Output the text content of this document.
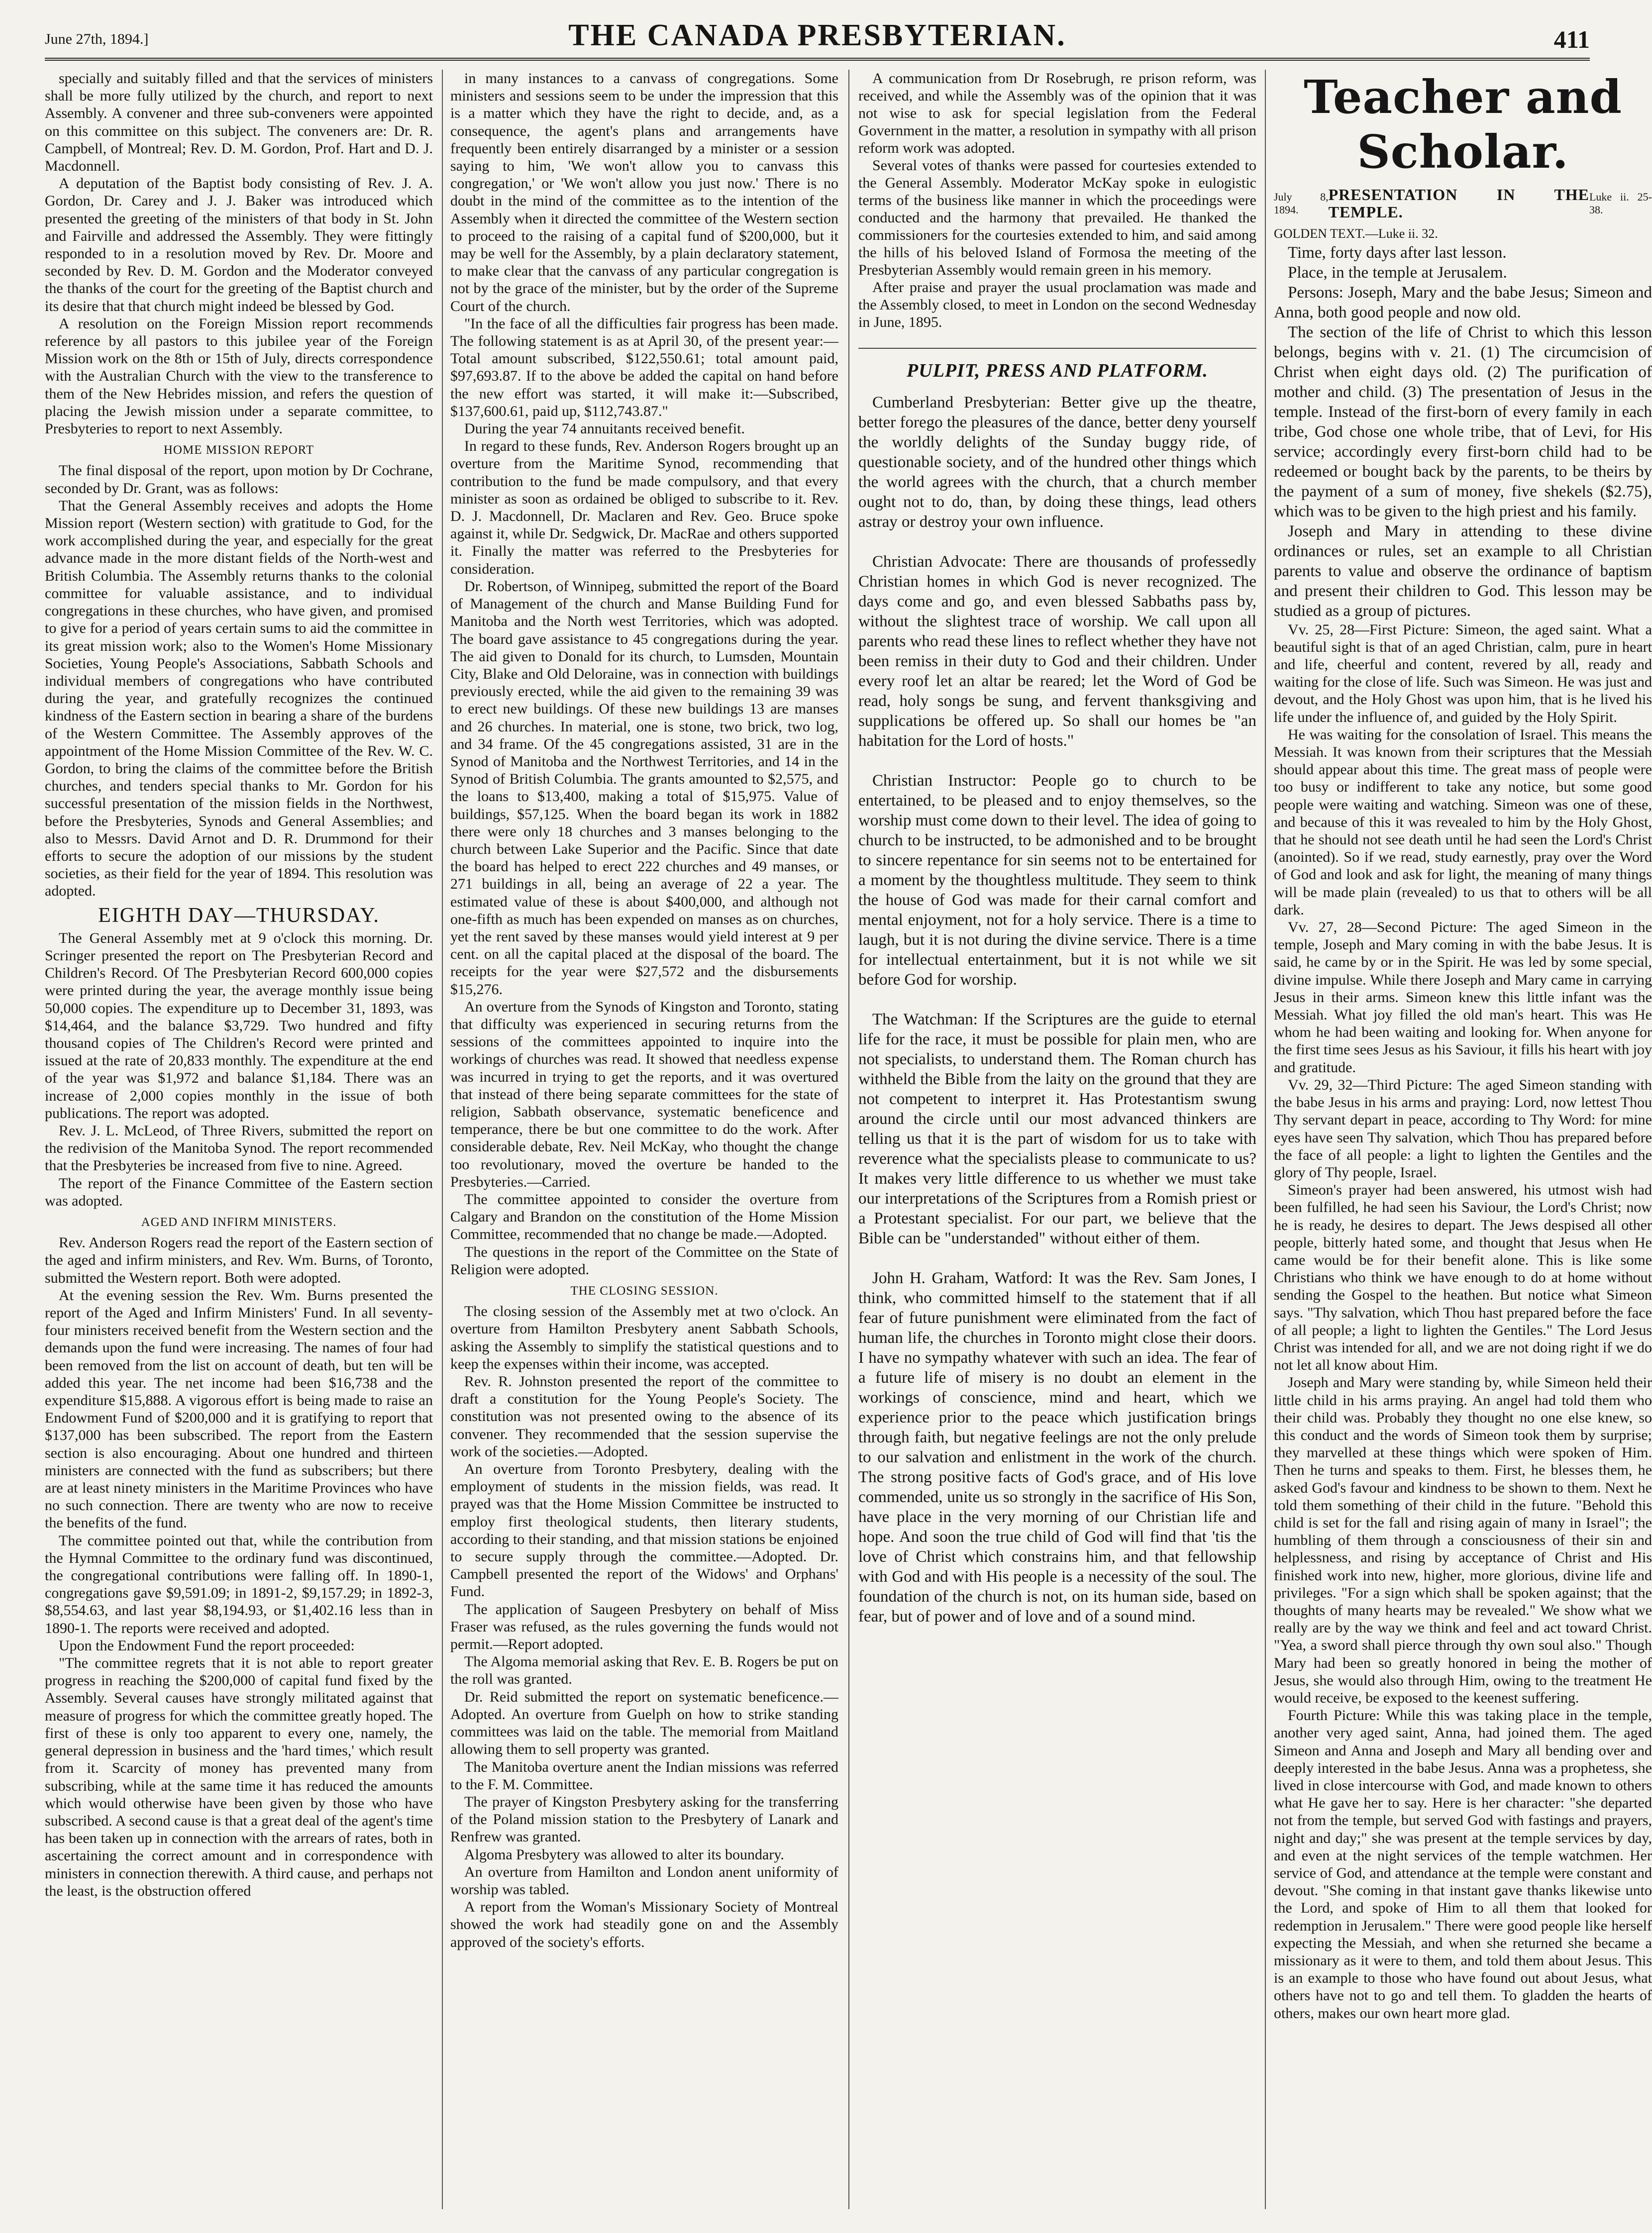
June 27th, 1894.]	THE CANADA PRESBYTERIAN.	411

specially and suitably filled and that the services of ministers shall be more fully utilized by the church, and report to next Assembly. A convener and three sub-conveners were appointed on this committee on this subject. The conveners are: Dr. R. Campbell, of Montreal; Rev. D. M. Gordon, Prof. Hart and D. J. Macdonnell.

A deputation of the Baptist body consisting of Rev. J. A. Gordon, Dr. Carey and J. J. Baker was introduced which presented the greeting of the ministers of that body in St. John and Fairville and addressed the Assembly. They were fittingly responded to in a resolution moved by Rev. Dr. Moore and seconded by Rev. D. M. Gordon and the Moderator conveyed the thanks of the court for the greeting of the Baptist church and its desire that that church might indeed be blessed by God.

A resolution on the Foreign Mission report recommends reference by all pastors to this jubilee year of the Foreign Mission work on the 8th or 15th of July, directs correspondence with the Australian Church with the view to the transference to them of the New Hebrides mission, and refers the question of placing the Jewish mission under a separate committee, to Presbyteries to report to next Assembly.

HOME MISSION REPORT

The final disposal of the report, upon motion by Dr Cochrane, seconded by Dr. Grant, was as follows:

That the General Assembly receives and adopts the Home Mission report (Western section) with gratitude to God, for the work accomplished during the year, and especially for the great advance made in the more distant fields of the North-west and British Columbia. The Assembly returns thanks to the colonial committee for valuable assistance, and to individual congregations in these churches, who have given, and promised to give for a period of years certain sums to aid the committee in its great mission work; also to the Women's Home Missionary Societies, Young People's Associations, Sabbath Schools and individual members of congregations who have contributed during the year, and gratefully recognizes the continued kindness of the Eastern section in bearing a share of the burdens of the Western Committee. The Assembly approves of the appointment of the Home Mission Committee of the Rev. W. C. Gordon, to bring the claims of the committee before the British churches, and tenders special thanks to Mr. Gordon for his successful presentation of the mission fields in the Northwest, before the Presbyteries, Synods and General Assemblies; and also to Messrs. David Arnot and D. R. Drummond for their efforts to secure the adoption of our missions by the student societies, as their field for the year of 1894. This resolution was adopted.

EIGHTH DAY—THURSDAY.

The General Assembly met at 9 o'clock this morning. Dr. Scringer presented the report on The Presbyterian Record and Children's Record. Of The Presbyterian Record 600,000 copies were printed during the year, the average monthly issue being 50,000 copies. The expenditure up to December 31, 1893, was $14,464, and the balance $3,729. Two hundred and fifty thousand copies of The Children's Record were printed and issued at the rate of 20,833 monthly. The expenditure at the end of the year was $1,972 and balance $1,184. There was an increase of 2,000 copies monthly in the issue of both publications. The report was adopted.

Rev. J. L. McLeod, of Three Rivers, submitted the report on the redivision of the Manitoba Synod. The report recommended that the Presbyteries be increased from five to nine. Agreed.

The report of the Finance Committee of the Eastern section was adopted.

AGED AND INFIRM MINISTERS.

Rev. Anderson Rogers read the report of the Eastern section of the aged and infirm ministers, and Rev. Wm. Burns, of Toronto, submitted the Western report. Both were adopted.

At the evening session the Rev. Wm. Burns presented the report of the Aged and Infirm Ministers' Fund. In all seventy-four ministers received benefit from the Western section and the demands upon the fund were increasing. The names of four had been removed from the list on account of death, but ten will be added this year. The net income had been $16,738 and the expenditure $15,888. A vigorous effort is being made to raise an Endowment Fund of $200,000 and it is gratifying to report that $137,000 has been subscribed. The report from the Eastern section is also encouraging. About one hundred and thirteen ministers are connected with the fund as subscribers; but there are at least ninety ministers in the Maritime Provinces who have no such connection. There are twenty who are now to receive the benefits of the fund.

The committee pointed out that, while the contribution from the Hymnal Committee to the ordinary fund was discontinued, the congregational contributions were falling off. In 1890-1, congregations gave $9,591.09; in 1891-2, $9,157.29; in 1892-3, $8,554.63, and last year $8,194.93, or $1,402.16 less than in 1890-1. The reports were received and adopted.

Upon the Endowment Fund the report proceeded:

"The committee regrets that it is not able to report greater progress in reaching the $200,000 of capital fund fixed by the Assembly. Several causes have strongly militated against that measure of progress for which the committee greatly hoped. The first of these is only too apparent to every one, namely, the general depression in business and the 'hard times,' which result from it. Scarcity of money has prevented many from subscribing, while at the same time it has reduced the amounts which would otherwise have been given by those who have subscribed. A second cause is that a great deal of the agent's time has been taken up in connection with the arrears of rates, both in ascertaining the correct amount and in correspondence with ministers in connection therewith. A third cause, and perhaps not the least, is the obstruction offered

in many instances to a canvass of congregations. Some ministers and sessions seem to be under the impression that this is a matter which they have the right to decide, and, as a consequence, the agent's plans and arrangements have frequently been entirely disarranged by a minister or a session saying to him, 'We won't allow you to canvass this congregation,' or 'We won't allow you just now.' There is no doubt in the mind of the committee as to the intention of the Assembly when it directed the committee of the Western section to proceed to the raising of a capital fund of $200,000, but it may be well for the Assembly, by a plain declaratory statement, to make clear that the canvass of any particular congregation is not by the grace of the minister, but by the order of the Supreme Court of the church.

"In the face of all the difficulties fair progress has been made. The following statement is as at April 30, of the present year:—Total amount subscribed, $122,550.61; total amount paid, $97,693.87. If to the above be added the capital on hand before the new effort was started, it will make it:—Subscribed, $137,600.61, paid up, $112,743.87."

During the year 74 annuitants received benefit.

In regard to these funds, Rev. Anderson Rogers brought up an overture from the Maritime Synod, recommending that contribution to the fund be made compulsory, and that every minister as soon as ordained be obliged to subscribe to it. Rev. D. J. Macdonnell, Dr. Maclaren and Rev. Geo. Bruce spoke against it, while Dr. Sedgwick, Dr. MacRae and others supported it. Finally the matter was referred to the Presbyteries for consideration.

Dr. Robertson, of Winnipeg, submitted the report of the Board of Management of the church and Manse Building Fund for Manitoba and the North west Territories, which was adopted. The board gave assistance to 45 congregations during the year. The aid given to Donald for its church, to Lumsden, Mountain City, Blake and Old Deloraine, was in connection with buildings previously erected, while the aid given to the remaining 39 was to erect new buildings. Of these new buildings 13 are manses and 26 churches. In material, one is stone, two brick, two log, and 34 frame. Of the 45 congregations assisted, 31 are in the Synod of Manitoba and the Northwest Territories, and 14 in the Synod of British Columbia. The grants amounted to $2,575, and the loans to $13,400, making a total of $15,975. Value of buildings, $57,125. When the board began its work in 1882 there were only 18 churches and 3 manses belonging to the church between Lake Superior and the Pacific. Since that date the board has helped to erect 222 churches and 49 manses, or 271 buildings in all, being an average of 22 a year. The estimated value of these is about $400,000, and although not one-fifth as much has been expended on manses as on churches, yet the rent saved by these manses would yield interest at 9 per cent. on all the capital placed at the disposal of the board. The receipts for the year were $27,572 and the disbursements $15,276.

An overture from the Synods of Kingston and Toronto, stating that difficulty was experienced in securing returns from the sessions of the committees appointed to inquire into the workings of churches was read. It showed that needless expense was incurred in trying to get the reports, and it was overtured that instead of there being separate committees for the state of religion, Sabbath observance, systematic beneficence and temperance, there be but one committee to do the work. After considerable debate, Rev. Neil McKay, who thought the change too revolutionary, moved the overture be handed to the Presbyteries.—Carried.

The committee appointed to consider the overture from Calgary and Brandon on the constitution of the Home Mission Committee, recommended that no change be made.—Adopted.

The questions in the report of the Committee on the State of Religion were adopted.

THE CLOSING SESSION.

The closing session of the Assembly met at two o'clock. An overture from Hamilton Presbytery anent Sabbath Schools, asking the Assembly to simplify the statistical questions and to keep the expenses within their income, was accepted.

Rev. R. Johnston presented the report of the committee to draft a constitution for the Young People's Society. The constitution was not presented owing to the absence of its convener. They recommended that the session supervise the work of the societies.—Adopted.

An overture from Toronto Presbytery, dealing with the employment of students in the mission fields, was read. It prayed was that the Home Mission Committee be instructed to employ first theological students, then literary students, according to their standing, and that mission stations be enjoined to secure supply through the committee.—Adopted. Dr. Campbell presented the report of the Widows' and Orphans' Fund.

The application of Saugeen Presbytery on behalf of Miss Fraser was refused, as the rules governing the funds would not permit.—Report adopted.

The Algoma memorial asking that Rev. E. B. Rogers be put on the roll was granted.

Dr. Reid submitted the report on systematic beneficence.—Adopted. An overture from Guelph on how to strike standing committees was laid on the table. The memorial from Maitland allowing them to sell property was granted.

The Manitoba overture anent the Indian missions was referred to the F. M. Committee.

The prayer of Kingston Presbytery asking for the transferring of the Poland mission station to the Presbytery of Lanark and Renfrew was granted.

Algoma Presbytery was allowed to alter its boundary.

An overture from Hamilton and London anent uniformity of worship was tabled.

A report from the Woman's Missionary Society of Montreal showed the work had steadily gone on and the Assembly approved of the society's efforts.

A communication from Dr Rosebrugh, re prison reform, was received, and while the Assembly was of the opinion that it was not wise to ask for special legislation from the Federal Government in the matter, a resolution in sympathy with all prison reform work was adopted.

Several votes of thanks were passed for courtesies extended to the General Assembly. Moderator McKay spoke in eulogistic terms of the business like manner in which the proceedings were conducted and the harmony that prevailed. He thanked the commissioners for the courtesies extended to him, and said among the hills of his beloved Island of Formosa the meeting of the Presbyterian Assembly would remain green in his memory.

After praise and prayer the usual proclamation was made and the Assembly closed, to meet in London on the second Wednesday in June, 1895.

PULPIT, PRESS AND PLATFORM.

Cumberland Presbyterian: Better give up the theatre, better forego the pleasures of the dance, better deny yourself the worldly delights of the Sunday buggy ride, of questionable society, and of the hundred other things which the world agrees with the church, that a church member ought not to do, than, by doing these things, lead others astray or destroy your own influence.

Christian Advocate: There are thousands of professedly Christian homes in which God is never recognized. The days come and go, and even blessed Sabbaths pass by, without the slightest trace of worship. We call upon all parents who read these lines to reflect whether they have not been remiss in their duty to God and their children. Under every roof let an altar be reared; let the Word of God be read, holy songs be sung, and fervent thanksgiving and supplications be offered up. So shall our homes be "an habitation for the Lord of hosts."

Christian Instructor: People go to church to be entertained, to be pleased and to enjoy themselves, so the worship must come down to their level. The idea of going to church to be instructed, to be admonished and to be brought to sincere repentance for sin seems not to be entertained for a moment by the thoughtless multitude. They seem to think the house of God was made for their carnal comfort and mental enjoyment, not for a holy service. There is a time to laugh, but it is not during the divine service. There is a time for intellectual entertainment, but it is not while we sit before God for worship.

The Watchman: If the Scriptures are the guide to eternal life for the race, it must be possible for plain men, who are not specialists, to understand them. The Roman church has withheld the Bible from the laity on the ground that they are not competent to interpret it. Has Protestantism swung around the circle until our most advanced thinkers are telling us that it is the part of wisdom for us to take with reverence what the specialists please to communicate to us? It makes very little difference to us whether we must take our interpretations of the Scriptures from a Romish priest or a Protestant specialist. For our part, we believe that the Bible can be "understanded" without either of them.

John H. Graham, Watford: It was the Rev. Sam Jones, I think, who committed himself to the statement that if all fear of future punishment were eliminated from the fact of human life, the churches in Toronto might close their doors. I have no sympathy whatever with such an idea. The fear of a future life of misery is no doubt an element in the workings of conscience, mind and heart, which we experience prior to the peace which justification brings through faith, but negative feelings are not the only prelude to our salvation and enlistment in the work of the church. The strong positive facts of God's grace, and of His love commended, unite us so strongly in the sacrifice of His Son, have place in the very morning of our Christian life and hope. And soon the true child of God will find that 'tis the love of Christ which constrains him, and that fellowship with God and with His people is a necessity of the soul. The foundation of the church is not, on its human side, based on fear, but of power and of love and of a sound mind.

Teacher and Scholar.
July 8, 1894.
PRESENTATION IN THE TEMPLE.
Luke ii. 25-38.

GOLDEN TEXT.—Luke ii. 32.

Time, forty days after last lesson.

Place, in the temple at Jerusalem.

Persons: Joseph, Mary and the babe Jesus; Simeon and Anna, both good people and now old.

The section of the life of Christ to which this lesson belongs, begins with v. 21. (1) The circumcision of Christ when eight days old. (2) The purification of mother and child. (3) The presentation of Jesus in the temple. Instead of the first-born of every family in each tribe, God chose one whole tribe, that of Levi, for His service; accordingly every first-born child had to be redeemed or bought back by the parents, to be theirs by the payment of a sum of money, five shekels ($2.75), which was to be given to the high priest and his family.

Joseph and Mary in attending to these divine ordinances or rules, set an example to all Christian parents to value and observe the ordinance of baptism and present their children to God. This lesson may be studied as a group of pictures.

Vv. 25, 28—First Picture: Simeon, the aged saint. What a beautiful sight is that of an aged Christian, calm, pure in heart and life, cheerful and content, revered by all, ready and waiting for the close of life. Such was Simeon. He was just and devout, and the Holy Ghost was upon him, that is he lived his life under the influence of, and guided by the Holy Spirit.

He was waiting for the consolation of Israel. This means the Messiah. It was known from their scriptures that the Messiah should appear about this time. The great mass of people were too busy or indifferent to take any notice, but some good people were waiting and watching. Simeon was one of these, and because of this it was revealed to him by the Holy Ghost, that he should not see death until he had seen the Lord's Christ (anointed). So if we read, study earnestly, pray over the Word of God and look and ask for light, the meaning of many things will be made plain (revealed) to us that to others will be all dark.

Vv. 27, 28—Second Picture: The aged Simeon in the temple, Joseph and Mary coming in with the babe Jesus. It is said, he came by or in the Spirit. He was led by some special, divine impulse. While there Joseph and Mary came in carrying Jesus in their arms. Simeon knew this little infant was the Messiah. What joy filled the old man's heart. This was He whom he had been waiting and looking for. When anyone for the first time sees Jesus as his Saviour, it fills his heart with joy and gratitude.

Vv. 29, 32—Third Picture: The aged Simeon standing with the babe Jesus in his arms and praying: Lord, now lettest Thou Thy servant depart in peace, according to Thy Word: for mine eyes have seen Thy salvation, which Thou has prepared before the face of all people: a light to lighten the Gentiles and the glory of Thy people, Israel.

Simeon's prayer had been answered, his utmost wish had been fulfilled, he had seen his Saviour, the Lord's Christ; now he is ready, he desires to depart. The Jews despised all other people, bitterly hated some, and thought that Jesus when He came would be for their benefit alone. This is like some Christians who think we have enough to do at home without sending the Gospel to the heathen. But notice what Simeon says. "Thy salvation, which Thou hast prepared before the face of all people; a light to lighten the Gentiles." The Lord Jesus Christ was intended for all, and we are not doing right if we do not let all know about Him.

Joseph and Mary were standing by, while Simeon held their little child in his arms praying. An angel had told them who their child was. Probably they thought no one else knew, so this conduct and the words of Simeon took them by surprise; they marvelled at these things which were spoken of Him. Then he turns and speaks to them. First, he blesses them, he asked God's favour and kindness to be shown to them. Next he told them something of their child in the future. "Behold this child is set for the fall and rising again of many in Israel"; the humbling of them through a consciousness of their sin and helplessness, and rising by acceptance of Christ and His finished work into new, higher, more glorious, divine life and privileges. "For a sign which shall be spoken against; that the thoughts of many hearts may be revealed." We show what we really are by the way we think and feel and act toward Christ. "Yea, a sword shall pierce through thy own soul also." Though Mary had been so greatly honored in being the mother of Jesus, she would also through Him, owing to the treatment He would receive, be exposed to the keenest suffering.

Fourth Picture: While this was taking place in the temple, another very aged saint, Anna, had joined them. The aged Simeon and Anna and Joseph and Mary all bending over and deeply interested in the babe Jesus. Anna was a prophetess, she lived in close intercourse with God, and made known to others what He gave her to say. Here is her character: "she departed not from the temple, but served God with fastings and prayers, night and day;" she was present at the temple services by day, and even at the night services of the temple watchmen. Her service of God, and attendance at the temple were constant and devout. "She coming in that instant gave thanks likewise unto the Lord, and spoke of Him to all them that looked for redemption in Jerusalem." There were good people like herself expecting the Messiah, and when she returned she became a missionary as it were to them, and told them about Jesus. This is an example to those who have found out about Jesus, what others have not to go and tell them. To gladden the hearts of others, makes our own heart more glad.
